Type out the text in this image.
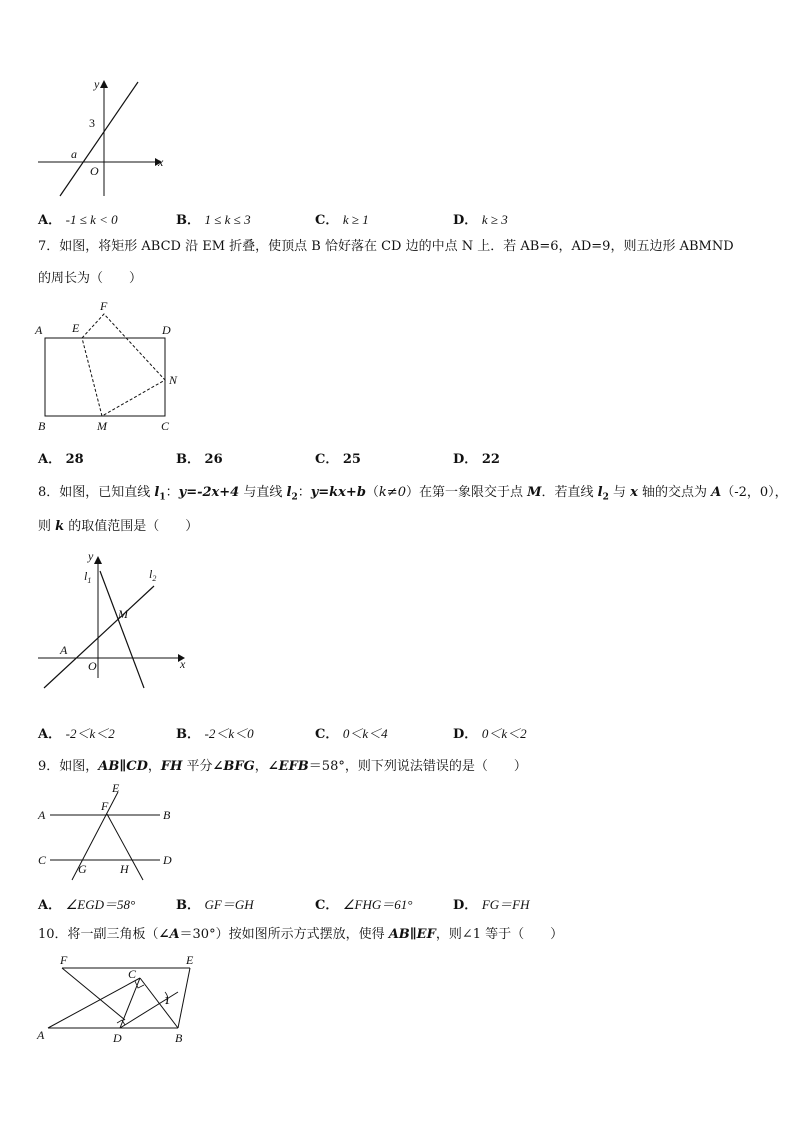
y
x
O
3
a
A． -1 ≤ k < 0	B． 1 ≤ k ≤ 3	C． k ≥ 1	D． k ≥ 3
7．如图，将矩形 ABCD 沿 EM 折叠，使顶点 B 恰好落在 CD 边的中点 N 上．若 AB=6，AD=9，则五边形 ABMND
的周长为（　　）
A E
F
D
N
B	M	C
A． 28	B． 26	C． 25	D． 22
8．如图，已知直线 $l_1$：y=-2x+4 与直线 $l_2$：y=kx+b（k≠0）在第一象限交于点 M．若直线 $l_2$ 与 x 轴的交点为 A（-2，0），
则 k 的取值范围是（　　）
y
$l_1$	$l_2$
M
A
O	x
A． -2＜k＜2	B． -2＜k＜0	C． 0＜k＜4	D． 0＜k＜2
9．如图，AB∥CD，FH 平分∠BFG，∠EFB＝58°，则下列说法错误的是（　　）
E
F
A	B
C	D
G	H
A． ∠EGD＝58°	B． GF＝GH	C． ∠FHG＝61°	D． FG＝FH
10．将一副三角板（∠A＝30°）按如图所示方式摆放，使得 AB∥EF，则∠1 等于（　　）
F	E
C
1
A	D	B
